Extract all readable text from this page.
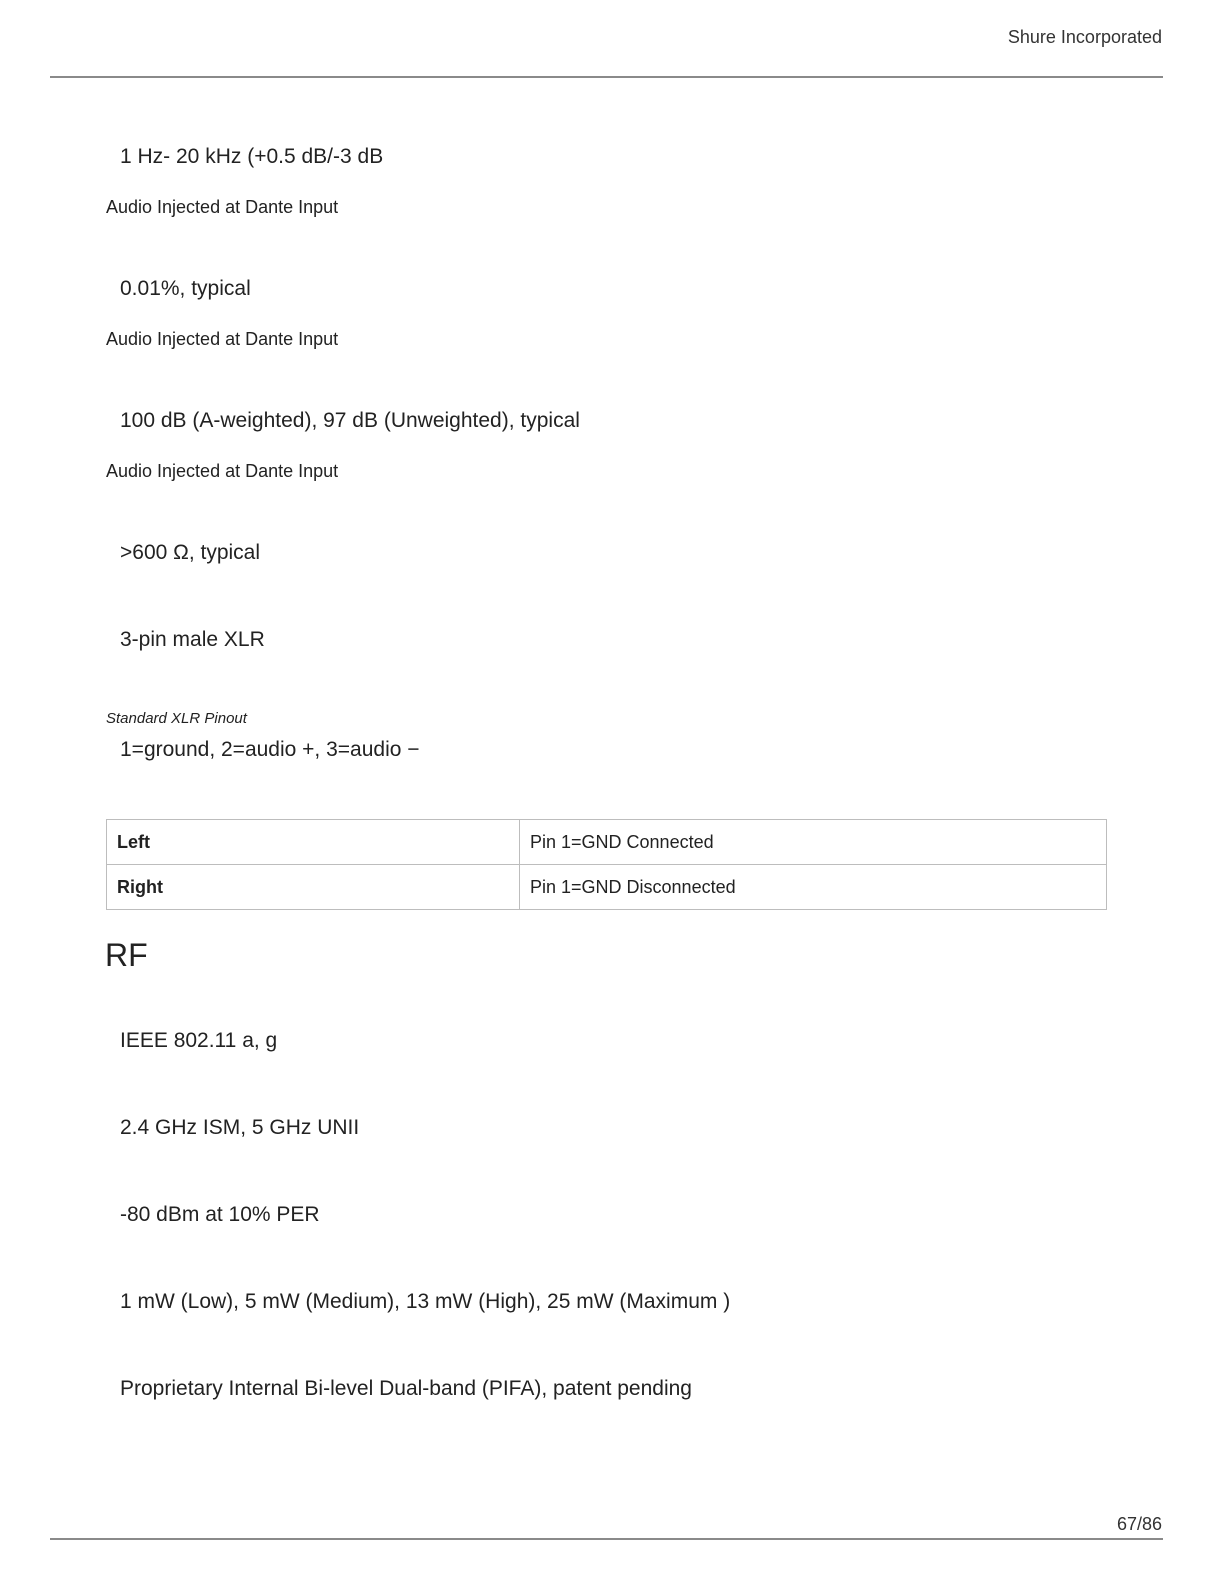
Shure Incorporated
1 Hz- 20 kHz (+0.5 dB/-3 dB
Audio Injected at Dante Input
0.01%, typical
Audio Injected at Dante Input
100 dB (A-weighted), 97 dB (Unweighted), typical
Audio Injected at Dante Input
>600 Ω, typical
3-pin male XLR
Standard XLR Pinout
1=ground, 2=audio +, 3=audio −
Left	Pin 1=GND Connected
Right	Pin 1=GND Disconnected
RF
IEEE 802.11 a, g
2.4 GHz ISM, 5 GHz UNII
-80 dBm at 10% PER
1 mW (Low), 5 mW (Medium), 13 mW (High), 25 mW (Maximum )
Proprietary Internal Bi-level Dual-band (PIFA), patent pending
67/86
